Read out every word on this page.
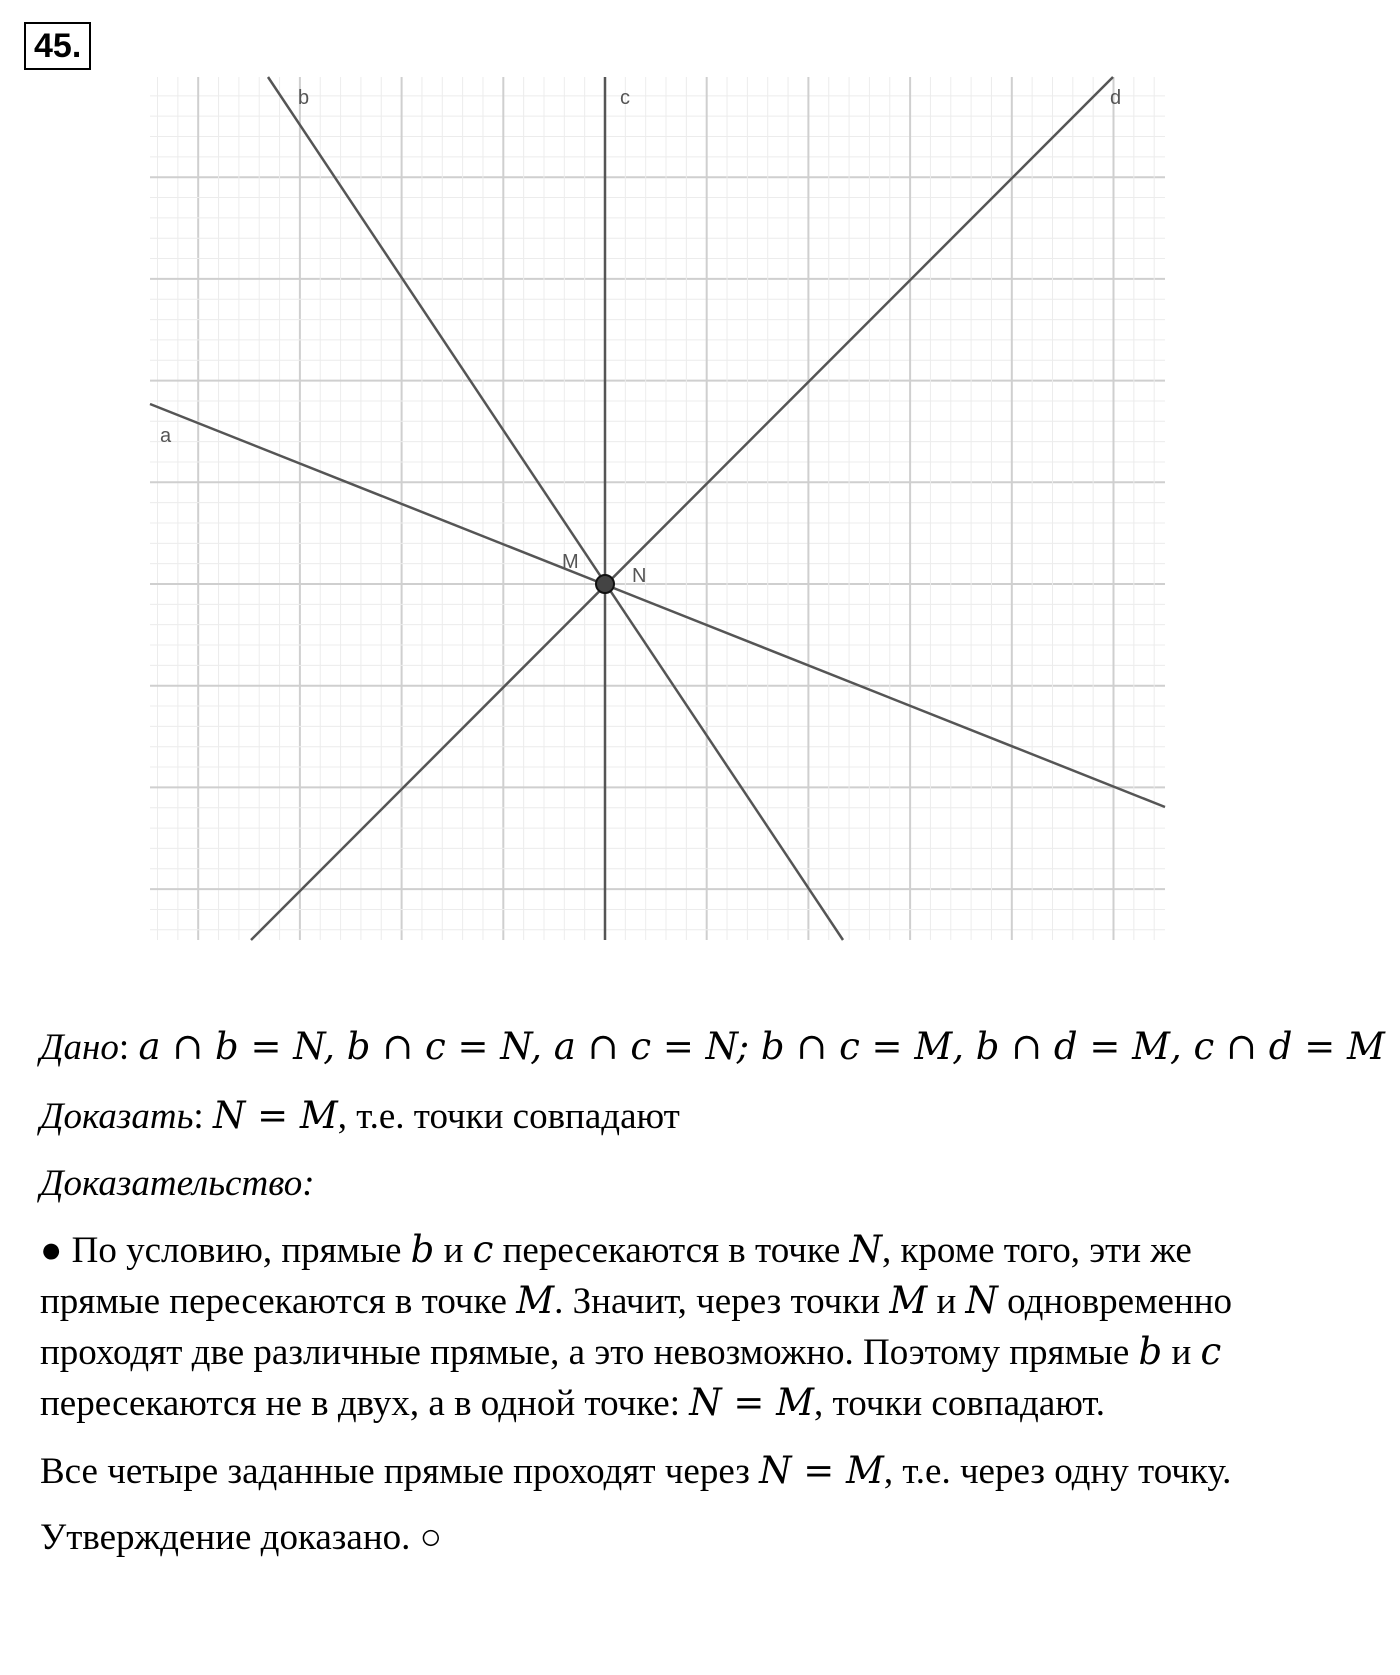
45.
b	c	d
a
M
N
Дано: a ∩ b = N, b ∩ c = N, a ∩ c = N; b ∩ c = M, b ∩ d = M, c ∩ d = M
Доказать: N = M, т.е. точки совпадают
Доказательство:
● По условию, прямые b и c пересекаются в точке N, кроме того, эти же
прямые пересекаются в точке M. Значит, через точки M и N одновременно
проходят две различные прямые, а это невозможно. Поэтому прямые b и c
пересекаются не в двух, а в одной точке: N = M, точки совпадают.
Все четыре заданные прямые проходят через N = M, т.е. через одну точку.
Утверждение доказано. ○
